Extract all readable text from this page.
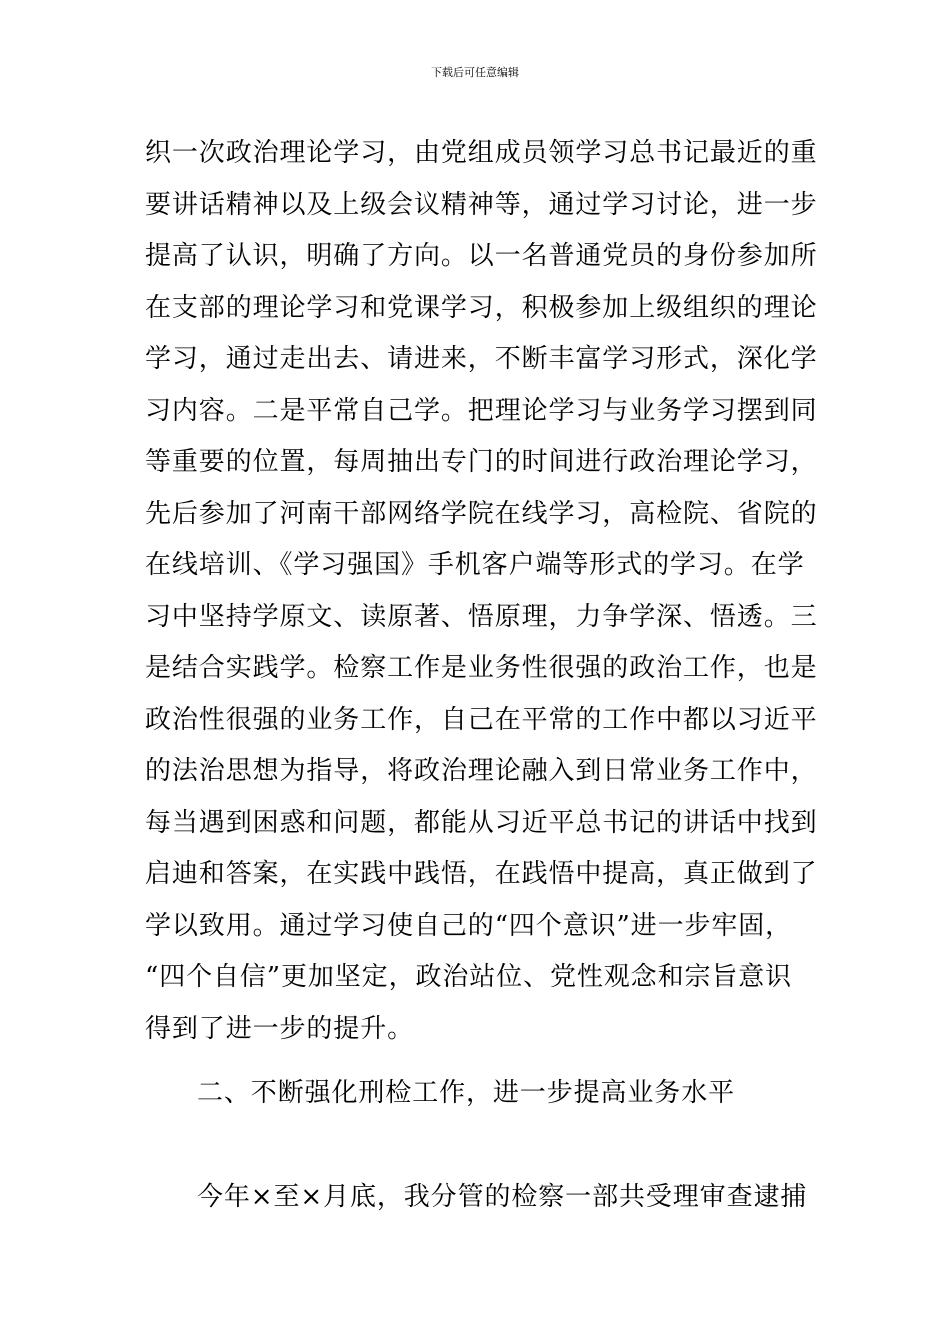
下载后可任意编辑
织一次政治理论学习，由党组成员领学习总书记最近的重
要讲话精神以及上级会议精神等，通过学习讨论，进一步
提高了认识，明确了方向。以一名普通党员的身份参加所
在支部的理论学习和党课学习，积极参加上级组织的理论
学习，通过走出去、请进来，不断丰富学习形式，深化学
习内容。二是平常自己学。把理论学习与业务学习摆到同
等重要的位置，每周抽出专门的时间进行政治理论学习，
先后参加了河南干部网络学院在线学习，高检院、省院的
在线培训、《学习强国》手机客户端等形式的学习。在学
习中坚持学原文、读原著、悟原理，力争学深、悟透。三
是结合实践学。检察工作是业务性很强的政治工作，也是
政治性很强的业务工作，自己在平常的工作中都以习近平
的法治思想为指导，将政治理论融入到日常业务工作中，
每当遇到困惑和问题，都能从习近平总书记的讲话中找到
启迪和答案，在实践中践悟，在践悟中提高，真正做到了
学以致用。通过学习使自己的“四个意识”进一步牢固，
“四个自信”更加坚定，政治站位、党性观念和宗旨意识
得到了进一步的提升。
二、不断强化刑检工作，进一步提高业务水平
今年×至×月底，我分管的检察一部共受理审查逮捕
